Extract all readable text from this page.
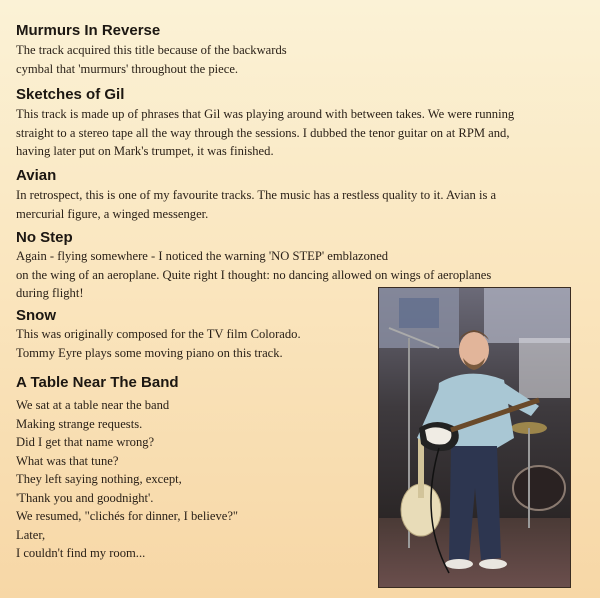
Murmurs In Reverse

The track acquired this title because of the backwards
cymbal that 'murmurs' throughout the piece.

Sketches of Gil

This track is made up of phrases that Gil was playing around with between takes. We were running
straight to a stereo tape all the way through the sessions. I dubbed the tenor guitar on at RPM and,
having later put on Mark's trumpet, it was finished.

Avian

In retrospect, this is one of my favourite tracks. The music has a restless quality to it. Avian is a
mercurial figure, a winged messenger.

No Step

Again - flying somewhere - I noticed the warning 'NO STEP' emblazoned
on the wing of an aeroplane. Quite right I thought: no dancing allowed on wings of aeroplanes
during flight!

Snow

This was originally composed for the TV film Colorado.
Tommy Eyre plays some moving piano on this track.

A Table Near The Band

We sat at a table near the band
Making strange requests.
Did I get that name wrong?
What was that tune?
They left saying nothing, except,
'Thank you and goodnight'.
We resumed, "clichés for dinner, I believe?"
Later,
I couldn't find my room...
